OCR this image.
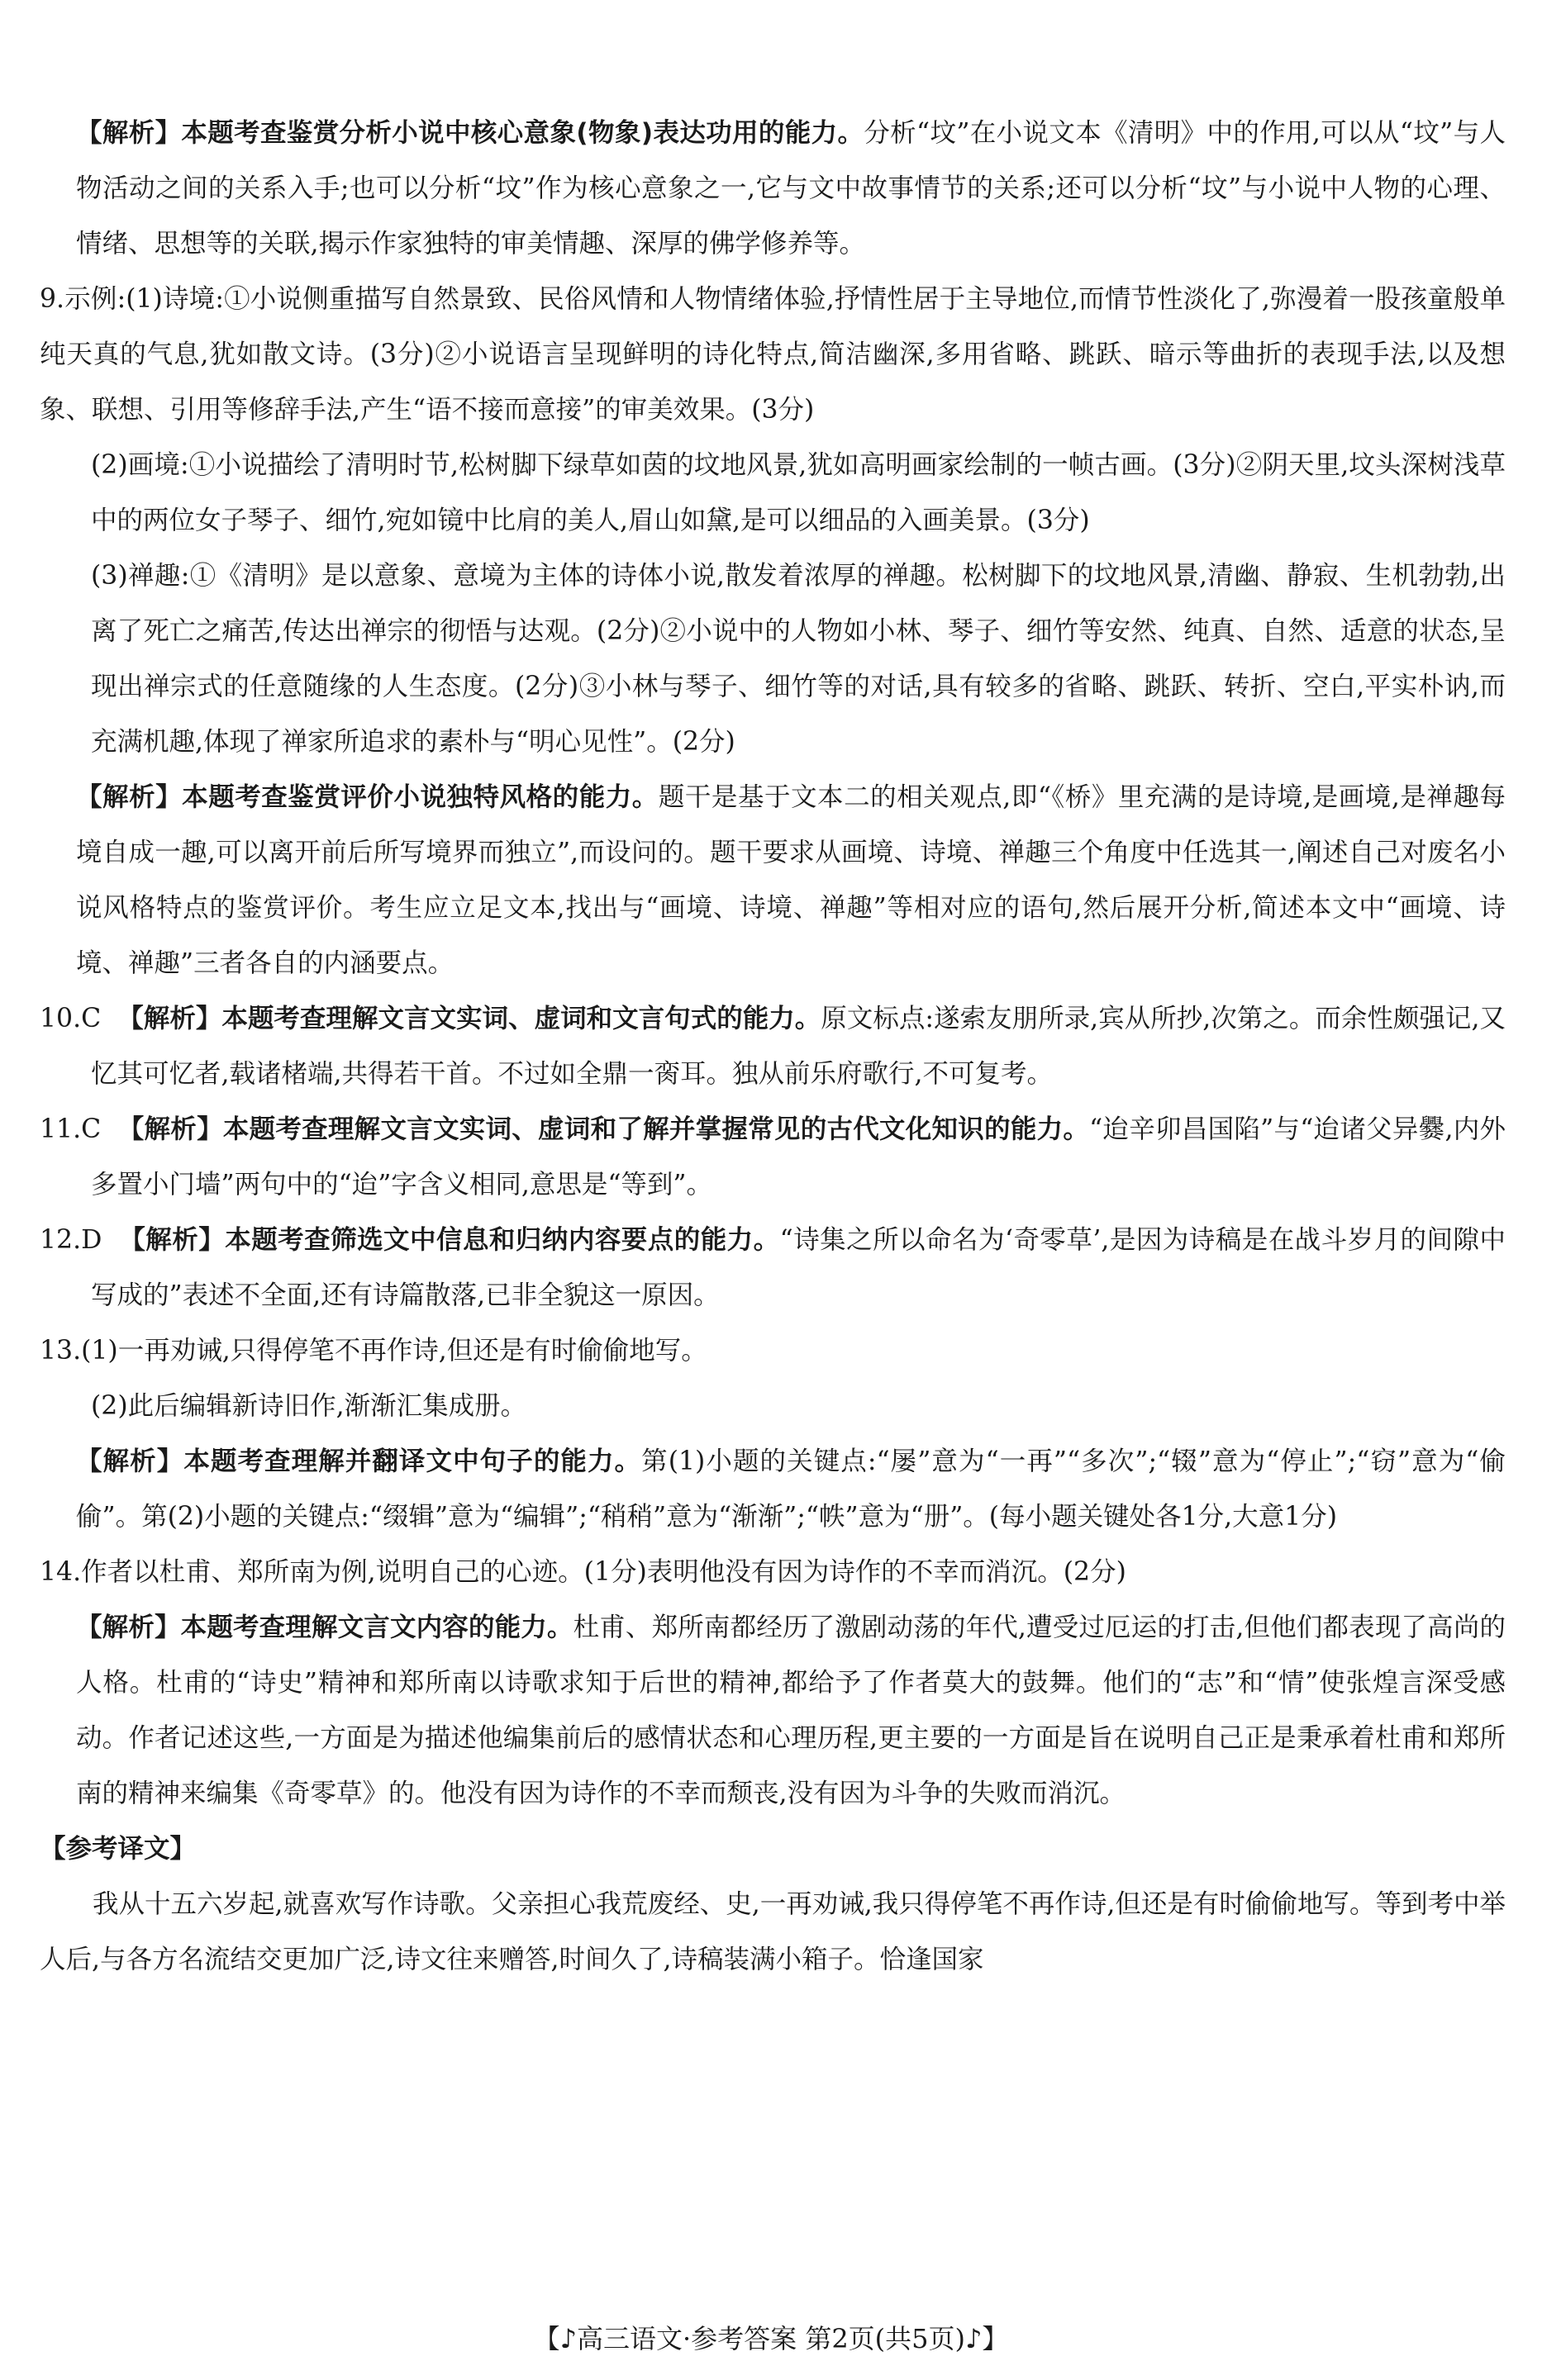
【解析】本题考查鉴赏分析小说中核心意象(物象)表达功用的能力。分析“坟”在小说文本《清明》中的作用,可以从“坟”与人物活动之间的关系入手;也可以分析“坟”作为核心意象之一,它与文中故事情节的关系;还可以分析“坟”与小说中人物的心理、情绪、思想等的关联,揭示作家独特的审美情趣、深厚的佛学修养等。

9.示例:(1)诗境:①小说侧重描写自然景致、民俗风情和人物情绪体验,抒情性居于主导地位,而情节性淡化了,弥漫着一股孩童般单纯天真的气息,犹如散文诗。(3分)②小说语言呈现鲜明的诗化特点,简洁幽深,多用省略、跳跃、暗示等曲折的表现手法,以及想象、联想、引用等修辞手法,产生“语不接而意接”的审美效果。(3分)

(2)画境:①小说描绘了清明时节,松树脚下绿草如茵的坟地风景,犹如高明画家绘制的一帧古画。(3分)②阴天里,坟头深树浅草中的两位女子琴子、细竹,宛如镜中比肩的美人,眉山如黛,是可以细品的入画美景。(3分)

(3)禅趣:①《清明》是以意象、意境为主体的诗体小说,散发着浓厚的禅趣。松树脚下的坟地风景,清幽、静寂、生机勃勃,出离了死亡之痛苦,传达出禅宗的彻悟与达观。(2分)②小说中的人物如小林、琴子、细竹等安然、纯真、自然、适意的状态,呈现出禅宗式的任意随缘的人生态度。(2分)③小林与琴子、细竹等的对话,具有较多的省略、跳跃、转折、空白,平实朴讷,而充满机趣,体现了禅家所追求的素朴与“明心见性”。(2分)

【解析】本题考查鉴赏评价小说独特风格的能力。题干是基于文本二的相关观点,即“《桥》里充满的是诗境,是画境,是禅趣每境自成一趣,可以离开前后所写境界而独立”,而设问的。题干要求从画境、诗境、禅趣三个角度中任选其一,阐述自己对废名小说风格特点的鉴赏评价。考生应立足文本,找出与“画境、诗境、禅趣”等相对应的语句,然后展开分析,简述本文中“画境、诗境、禅趣”三者各自的内涵要点。

10.C 【解析】本题考查理解文言文实词、虚词和文言句式的能力。原文标点:遂索友朋所录,宾从所抄,次第之。而余性颇强记,又忆其可忆者,载诸楮端,共得若干首。不过如全鼎一脔耳。独从前乐府歌行,不可复考。

11.C 【解析】本题考查理解文言文实词、虚词和了解并掌握常见的古代文化知识的能力。“迨辛卯昌国陷”与“迨诸父异爨,内外多置小门墙”两句中的“迨”字含义相同,意思是“等到”。

12.D 【解析】本题考查筛选文中信息和归纳内容要点的能力。“诗集之所以命名为‘奇零草’,是因为诗稿是在战斗岁月的间隙中写成的”表述不全面,还有诗篇散落,已非全貌这一原因。

13.(1)一再劝诫,只得停笔不再作诗,但还是有时偷偷地写。

(2)此后编辑新诗旧作,渐渐汇集成册。

【解析】本题考查理解并翻译文中句子的能力。第(1)小题的关键点:“屡”意为“一再”“多次”;“辍”意为“停止”;“窃”意为“偷偷”。第(2)小题的关键点:“缀辑”意为“编辑”;“稍稍”意为“渐渐”;“帙”意为“册”。(每小题关键处各1分,大意1分)

14.作者以杜甫、郑所南为例,说明自己的心迹。(1分)表明他没有因为诗作的不幸而消沉。(2分)

【解析】本题考查理解文言文内容的能力。杜甫、郑所南都经历了激剧动荡的年代,遭受过厄运的打击,但他们都表现了高尚的人格。杜甫的“诗史”精神和郑所南以诗歌求知于后世的精神,都给予了作者莫大的鼓舞。他们的“志”和“情”使张煌言深受感动。作者记述这些,一方面是为描述他编集前后的感情状态和心理历程,更主要的一方面是旨在说明自己正是秉承着杜甫和郑所南的精神来编集《奇零草》的。他没有因为诗作的不幸而颓丧,没有因为斗争的失败而消沉。

【参考译文】

我从十五六岁起,就喜欢写作诗歌。父亲担心我荒废经、史,一再劝诫,我只得停笔不再作诗,但还是有时偷偷地写。等到考中举人后,与各方名流结交更加广泛,诗文往来赠答,时间久了,诗稿装满小箱子。恰逢国家

【♪高三语文·参考答案 第2页(共5页)♪】
